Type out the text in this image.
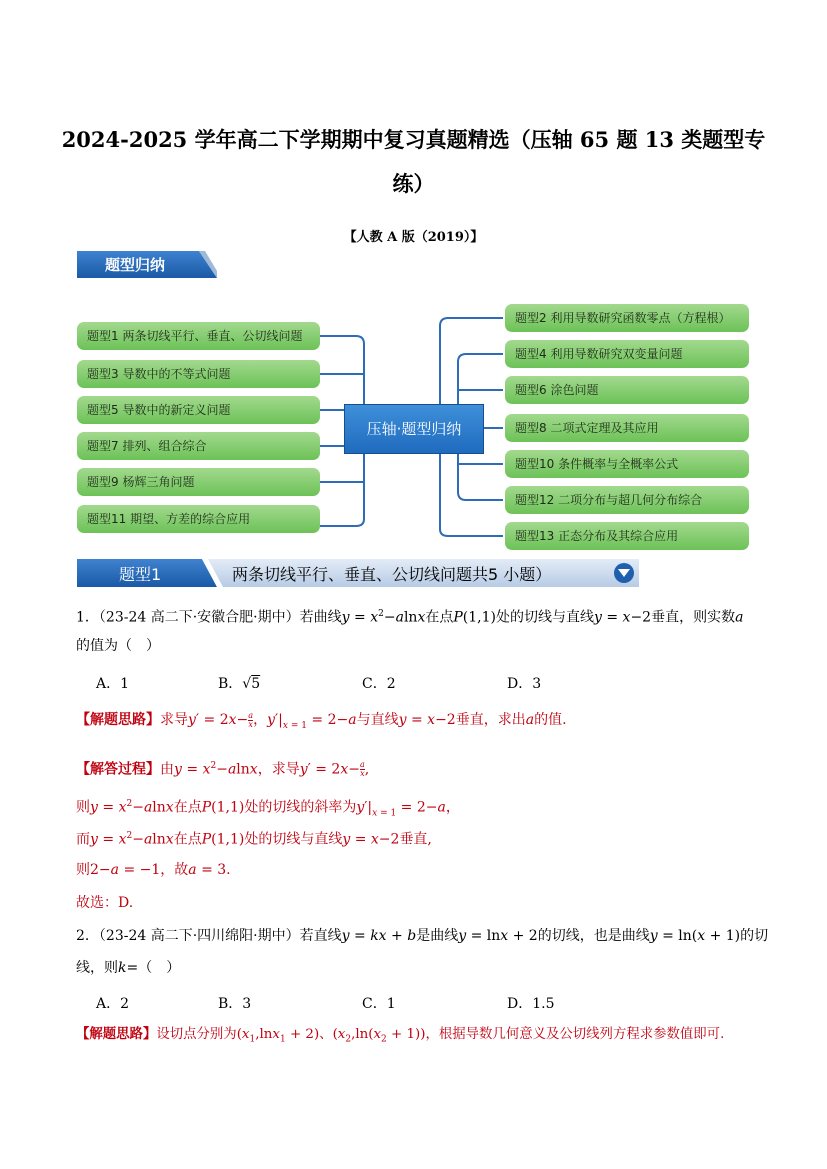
2024-2025 学年高二下学期期中复习真题精选（压轴 65 题 13 类题型专
练）
【人教 A 版（2019）】
题型归纳
题型1 两条切线平行、垂直、公切线问题
题型3 导数中的不等式问题
题型5 导数中的新定义问题
题型7 排列、组合综合
题型9 杨辉三角问题
题型11 期望、方差的综合应用
压轴·题型归纳
题型2 利用导数研究函数零点（方程根）
题型4 利用导数研究双变量问题
题型6 涂色问题
题型8 二项式定理及其应用
题型10 条件概率与全概率公式
题型12 二项分布与超几何分布综合
题型13 正态分布及其综合应用
题型1	两条切线平行、垂直、公切线问题共5 小题）
1．（23-24 高二下·安徽合肥·期中）若曲线$y = x^2-alnx$在点P(1,1)处的切线与直线y = x−2垂直，则实数a
的值为（　）
A．1	B．√5	C．2	D．3
【解题思路】求导$y' = 2x- \frac{a}{x}$ ，$y'|_{x = 1} = 2-a$与直线y = x−2垂直，求出a的值.
【解答过程】由$y = x^2-alnx$，求导$y' = 2x- \frac{a}{x}$ ,
则$y = x^2-alnx$在点P(1,1)处的切线的斜率为$y'|_{x = 1} = 2-a$，
而$y = x^2-alnx$在点P(1,1)处的切线与直线y = x−2垂直,
则2−a = −1，故a = 3.
故选：D.
2．（23-24 高二下·四川绵阳·期中）若直线y = kx + b是曲线y = lnx + 2的切线，也是曲线y = ln(x + 1)的切
线，则k=（　）
A．2	B．3	C．1	D．1.5
【解题思路】设切点分别为$(x_1,\ln x_1 + 2)$、$(x_2,\ln(x_2 + 1))$，根据导数几何意义及公切线列方程求参数值即可.
